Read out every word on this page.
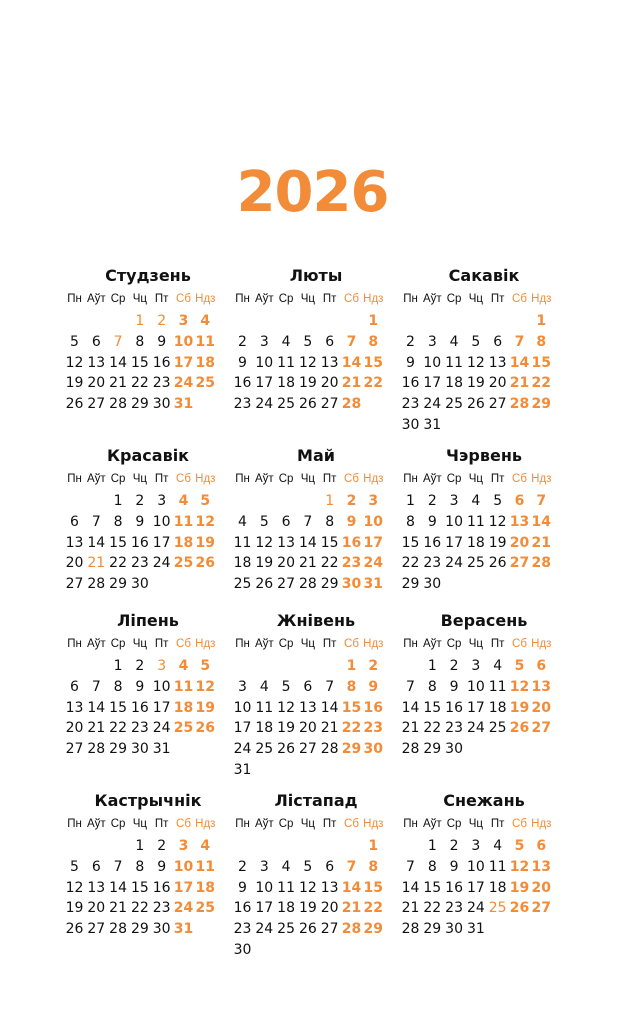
2026
Студзень
Пн Аўт Ср Чц Пт Сб Ндз
1 2 3 4
5 6 7 8 9 10 11
12 13 14 15 16 17 18
19 20 21 22 23 24 25
26 27 28 29 30 31
Люты
Пн Аўт Ср Чц Пт Сб Ндз
1
2 3 4 5 6 7 8
9 10 11 12 13 14 15
16 17 18 19 20 21 22
23 24 25 26 27 28
Сакавік
Пн Аўт Ср Чц Пт Сб Ндз
1
2 3 4 5 6 7 8
9 10 11 12 13 14 15
16 17 18 19 20 21 22
23 24 25 26 27 28 29
30 31
Красавік
Пн Аўт Ср Чц Пт Сб Ндз
1 2 3 4 5
6 7 8 9 10 11 12
13 14 15 16 17 18 19
20 21 22 23 24 25 26
27 28 29 30
Май
Пн Аўт Ср Чц Пт Сб Ндз
1 2 3
4 5 6 7 8 9 10
11 12 13 14 15 16 17
18 19 20 21 22 23 24
25 26 27 28 29 30 31
Чэрвень
Пн Аўт Ср Чц Пт Сб Ндз
1 2 3 4 5 6 7
8 9 10 11 12 13 14
15 16 17 18 19 20 21
22 23 24 25 26 27 28
29 30
Ліпень
Пн Аўт Ср Чц Пт Сб Ндз
1 2 3 4 5
6 7 8 9 10 11 12
13 14 15 16 17 18 19
20 21 22 23 24 25 26
27 28 29 30 31
Жнівень
Пн Аўт Ср Чц Пт Сб Ндз
1 2
3 4 5 6 7 8 9
10 11 12 13 14 15 16
17 18 19 20 21 22 23
24 25 26 27 28 29 30
31
Верасень
Пн Аўт Ср Чц Пт Сб Ндз
1 2 3 4 5 6
7 8 9 10 11 12 13
14 15 16 17 18 19 20
21 22 23 24 25 26 27
28 29 30
Кастрычнік
Пн Аўт Ср Чц Пт Сб Ндз
1 2 3 4
5 6 7 8 9 10 11
12 13 14 15 16 17 18
19 20 21 22 23 24 25
26 27 28 29 30 31
Лістапад
Пн Аўт Ср Чц Пт Сб Ндз
1
2 3 4 5 6 7 8
9 10 11 12 13 14 15
16 17 18 19 20 21 22
23 24 25 26 27 28 29
30
Снежань
Пн Аўт Ср Чц Пт Сб Ндз
1 2 3 4 5 6
7 8 9 10 11 12 13
14 15 16 17 18 19 20
21 22 23 24 25 26 27
28 29 30 31
